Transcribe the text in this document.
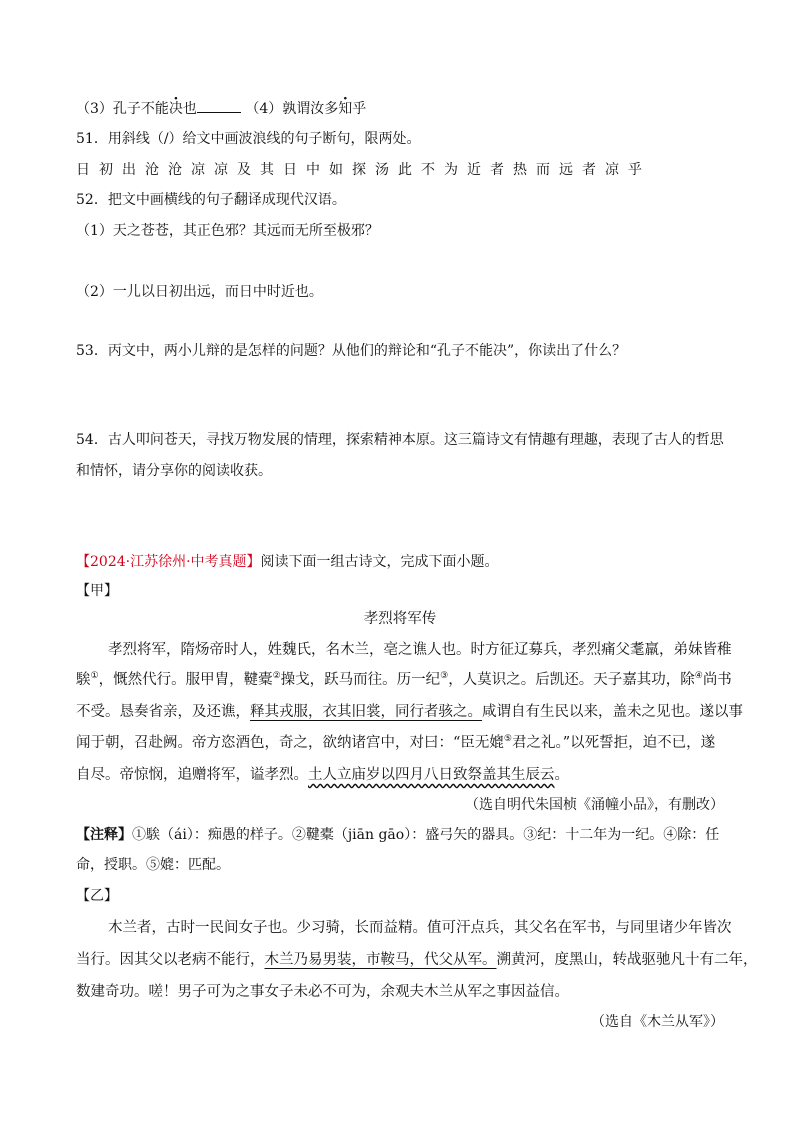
（3）孔子不能决也	（4）孰谓汝多知乎
51．用斜线（/）给文中画波浪线的句子断句，限两处。
日初出沧沧凉凉及其日中如探汤此不为近者热而远者凉乎
52．把文中画横线的句子翻译成现代汉语。
（1）天之苍苍，其正色邪？其远而无所至极邪？
（2）一儿以日初出远，而日中时近也。
53．丙文中，两小儿辩的是怎样的问题？从他们的辩论和“孔子不能决”，你读出了什么？
54．古人叩问苍天，寻找万物发展的情理，探索精神本原。这三篇诗文有情趣有理趣，表现了古人的哲思
和情怀，请分享你的阅读收获。
【2024·江苏徐州·中考真题】阅读下面一组古诗文，完成下面小题。
【甲】
孝烈将军传
孝烈将军，隋炀帝时人，姓魏氏，名木兰，亳之谯人也。时方征辽募兵，孝烈痛父耄羸，弟妹皆稚
騃①，慨然代行。服甲胄，鞬橐②操戈，跃马而往。历一纪③，人莫识之。后凯还。天子嘉其功，除④尚书
不受。恳奏省亲，及还谯，释其戎服，衣其旧裳，同行者骇之。咸谓自有生民以来，盖未之见也。遂以事
闻于朝，召赴阙。帝方恣酒色，奇之，欲纳诸宫中，对曰：“臣无媲⑤君之礼。”以死誓拒，迫不已，遂
自尽。帝惊悯，追赠将军，谥孝烈。土人立庙岁以四月八日致祭盖其生辰云。
（选自明代朱国桢《涌幢小品》，有删改）
【注释】①騃（ái）：痴愚的样子。②鞬橐（jiān gāo）：盛弓矢的器具。③纪：十二年为一纪。④除：任
命，授职。⑤媲：匹配。
【乙】
木兰者，古时一民间女子也。少习骑，长而益精。值可汗点兵，其父名在军书，与同里诸少年皆次
当行。因其父以老病不能行，木兰乃易男装，市鞍马，代父从军。溯黄河，度黑山，转战驱驰凡十有二年，
数建奇功。嗟！男子可为之事女子未必不可为，余观夫木兰从军之事因益信。
（选自《木兰从军》）
